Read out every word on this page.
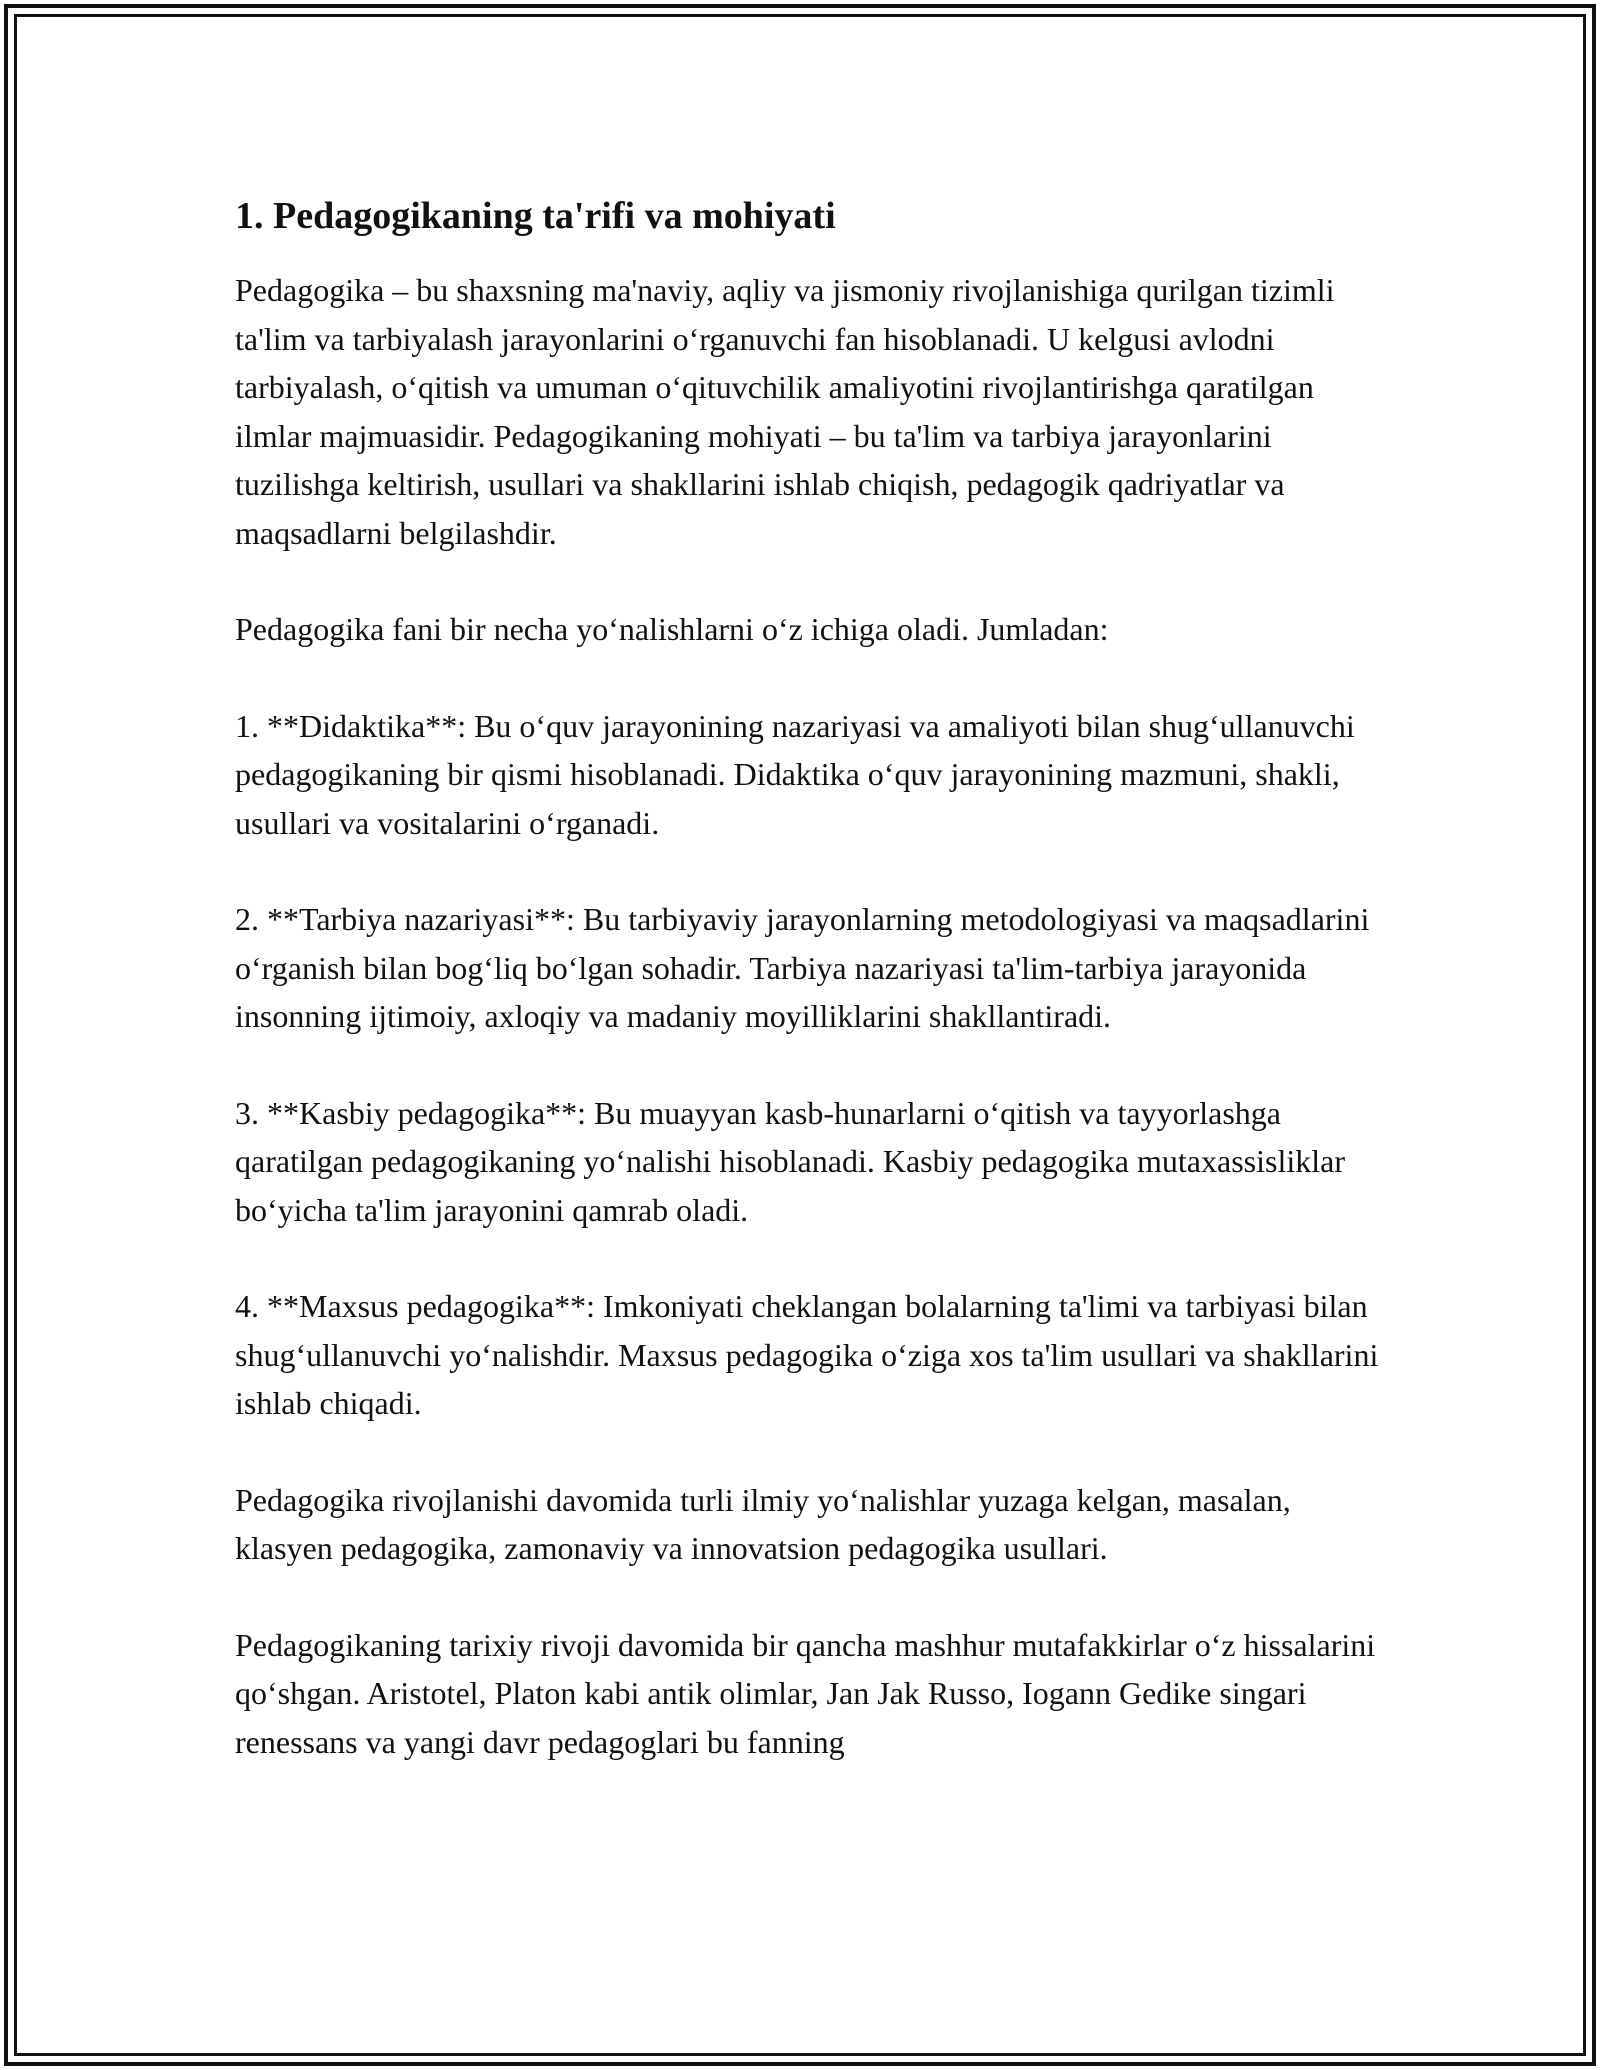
1. Pedagogikaning ta'rifi va mohiyati

Pedagogika – bu shaxsning ma'naviy, aqliy va jismoniy rivojlanishiga qurilgan tizimli ta'lim va tarbiyalash jarayonlarini o‘rganuvchi fan hisoblanadi. U kelgusi avlodni tarbiyalash, o‘qitish va umuman o‘qituvchilik amaliyotini rivojlantirishga qaratilgan ilmlar majmuasidir. Pedagogikaning mohiyati – bu ta'lim va tarbiya jarayonlarini tuzilishga keltirish, usullari va shakllarini ishlab chiqish, pedagogik qadriyatlar va maqsadlarni belgilashdir.

Pedagogika fani bir necha yo‘nalishlarni o‘z ichiga oladi. Jumladan:

1. **Didaktika**: Bu o‘quv jarayonining nazariyasi va amaliyoti bilan shug‘ullanuvchi pedagogikaning bir qismi hisoblanadi. Didaktika o‘quv jarayonining mazmuni, shakli, usullari va vositalarini o‘rganadi.

2. **Tarbiya nazariyasi**: Bu tarbiyaviy jarayonlarning metodologiyasi va maqsadlarini o‘rganish bilan bog‘liq bo‘lgan sohadir. Tarbiya nazariyasi ta'lim-tarbiya jarayonida insonning ijtimoiy, axloqiy va madaniy moyilliklarini shakllantiradi.

3. **Kasbiy pedagogika**: Bu muayyan kasb-hunarlarni o‘qitish va tayyorlashga qaratilgan pedagogikaning yo‘nalishi hisoblanadi. Kasbiy pedagogika mutaxassisliklar bo‘yicha ta'lim jarayonini qamrab oladi.

4. **Maxsus pedagogika**: Imkoniyati cheklangan bolalarning ta'limi va tarbiyasi bilan shug‘ullanuvchi yo‘nalishdir. Maxsus pedagogika o‘ziga xos ta'lim usullari va shakllarini ishlab chiqadi.

Pedagogika rivojlanishi davomida turli ilmiy yo‘nalishlar yuzaga kelgan, masalan, klasyen pedagogika, zamonaviy va innovatsion pedagogika usullari.

Pedagogikaning tarixiy rivoji davomida bir qancha mashhur mutafakkirlar o‘z hissalarini qo‘shgan. Aristotel, Platon kabi antik olimlar, Jan Jak Russo, Iogann Gedike singari renessans va yangi davr pedagoglari bu fanning
